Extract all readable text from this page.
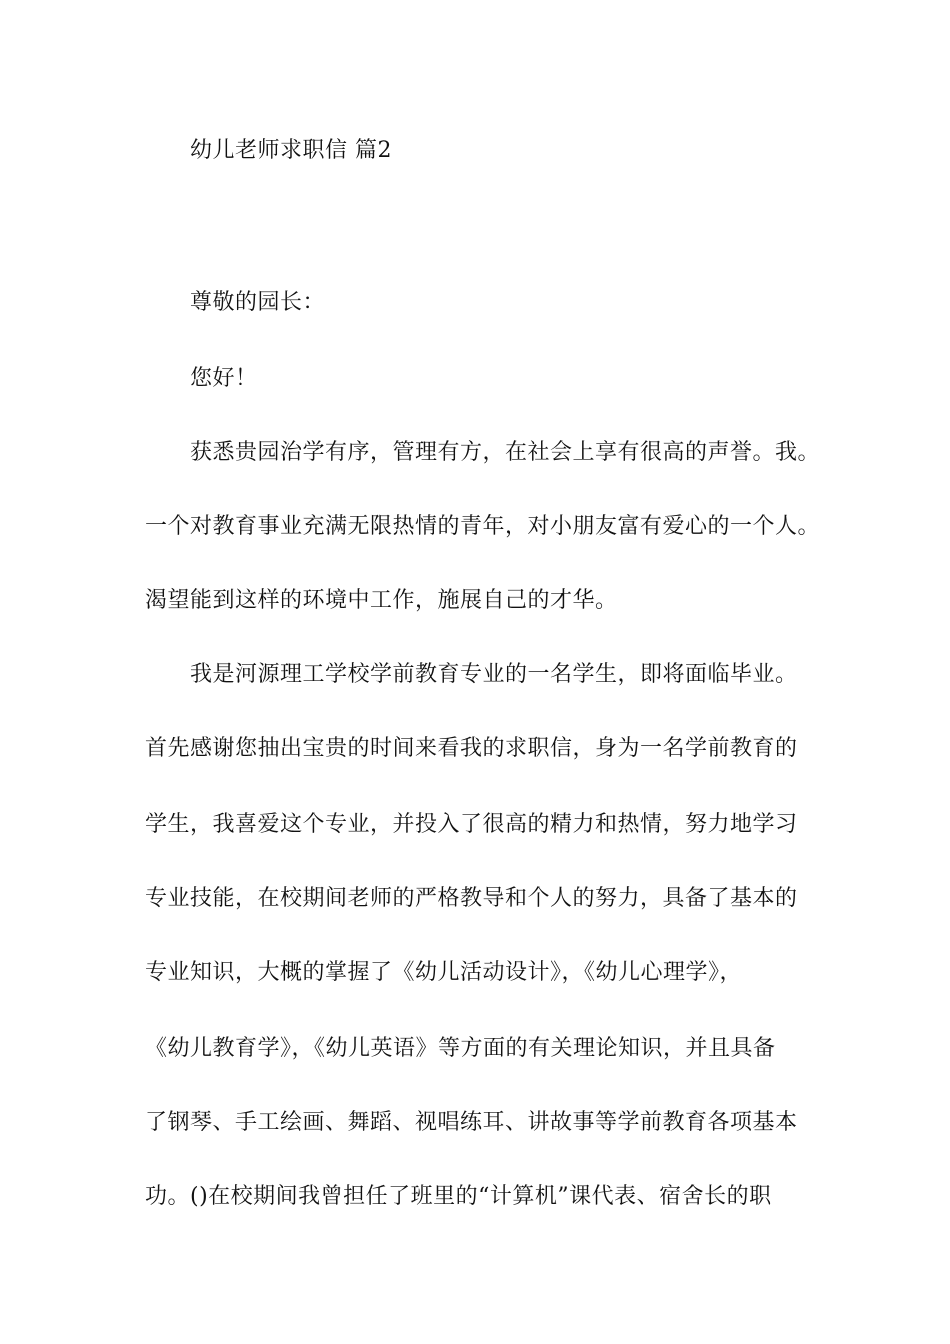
幼儿老师求职信 篇2
尊敬的园长：
您好！
获悉贵园治学有序，管理有方，在社会上享有很高的声誉。我。
一个对教育事业充满无限热情的青年，对小朋友富有爱心的一个人。
渴望能到这样的环境中工作，施展自己的才华。
我是河源理工学校学前教育专业的一名学生，即将面临毕业。
首先感谢您抽出宝贵的时间来看我的求职信，身为一名学前教育的
学生，我喜爱这个专业，并投入了很高的精力和热情，努力地学习
专业技能，在校期间老师的严格教导和个人的努力，具备了基本的
专业知识，大概的掌握了《幼儿活动设计》，《幼儿心理学》，
《幼儿教育学》，《幼儿英语》等方面的有关理论知识，并且具备
了钢琴、手工绘画、舞蹈、视唱练耳、讲故事等学前教育各项基本
功。()在校期间我曾担任了班里的“计算机”课代表、宿舍长的职
